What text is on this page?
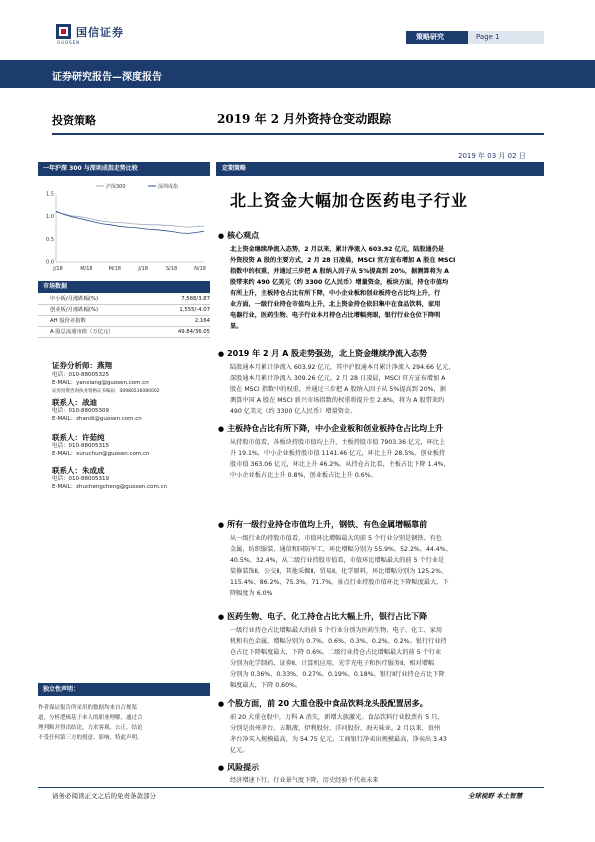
国信证券
GUOSEN
策略研究	Page 1
证券研究报告—深度报告
投资策略	2019 年 2 月外资持仓变动跟踪
2019 年 03 月 02 日
一年沪深 300 与深圳成指走势比较
1.5
1.0
0.5
0.0
J/18	M/18	M/18	J/18	S/18	N/18
沪深300	深圳成指
市场数据
中小板/月涨跌幅(%)	7,588/3.87
创业板/月涨跌幅(%)	1,555/-4.07
AH 股价差指数	2,164
A 股总流通市值（万亿元）	49.84/36.05
证券分析师：燕翔
电话：010-88005325
E-MAIL：yanxiang@guosen.com.cn
证券投资咨询执业资格证书编码：S0980516080002
联系人：战迪
电话：010-88005309
E-MAIL：zhandi@guosen.com.cn
联系人：许茹纯
电话：010-88005315
E-MAIL：xuruchun@guosen.com.cn
联系人：朱成成
电话：010-88005319
E-MAIL：zhuchengcheng@guosen.com.cn
独立性声明：
作者保证报告所采用的数据均来自合规渠
道，分析逻辑基于本人的职业理解，通过合
理判断并得出结论，力求客观、公正，结论
不受任何第三方的授意、影响，特此声明。
定期策略
北上资金大幅加仓医药电子行业
● 核心观点
北上资金继续净流入态势，2 月以来，累计净流入 603.92 亿元，陆股通仍是
外资投资 A 股的主要方式，2 月 28 日凌晨，MSCI 官方宣布增加 A 股在 MSCI
指数中的权重，并通过三步把 A 股纳入因子从 5%提高到 20%，据测算将为 A
股带来约 490 亿美元（约 3300 亿人民币）增量资金，板块方面，持仓市值均
有所上升，主板持仓占比有所下降，中小企业板和创业板持仓占比均上升，行
业方面，一级行业持仓市值均上升，北上资金持仓依旧集中在食品饮料，家用
电器行业，医药生物、电子行业本月持仓占比增幅亮眼，银行行业仓位下降明
显。
● 2019 年 2 月 A 股走势强劲，北上资金继续净流入态势
陆股通本月累计净流入 603.92 亿元，其中沪股通本月累计净流入 294.66 亿元，
深股通本月累计净流入 309.26 亿元。2 月 28 日凌晨，MSCI 官方宣布增加 A
股在 MSCI 指数中的权重，并通过三步把 A 股纳入因子从 5%提高到 20%，据
测算中国 A 股在 MSCI 新兴市场指数的权重将提升至 2.8%，将为 A 股带来约
490 亿美元（约 3300 亿人民币）增量资金。
● 主板持仓占比有所下降，中小企业板和创业板持仓占比均上升
从持股市值看，各板块持股市值均上升，主板持股市值 7903.36 亿元，环比上
升 19.1%，中小企业板持股市值 1141.46 亿元，环比上升 28.5%，创业板持
股市值 363.06 亿元，环比上升 46.2%。从持仓占比看，主板占比下降 1.4%，
中小企业板占比上升 0.8%，创业板占比上升 0.6%。
● 所有一级行业持仓市值均上升，钢铁、有色金属增幅靠前
从一级行业的持股市值看，市值环比增幅最大的前 5 个行业分别是钢铁、有色
金属，纺织服装，通信和国防军工，环比增幅分别为 55.9%、52.2%、44.4%、
40.5%、32.4%，从二级行业持股市值看，市值环比增幅最大的前 5 个行业是
装修装饰Ⅱ，公交Ⅱ，其他采掘Ⅱ，贸易Ⅱ，化学原料，环比增幅分别为 125.2%、
115.4%、86.2%、75.3%、71.7%，景点行业持股市值环比下降幅度最大，下
降幅度为 6.0%
● 医药生物、电子、化工持仓占比大幅上升，银行占比下降
一级行业持仓占比增幅最大的前 5 个行业分别为医药生物、电子、化工、家用
机和有色金属，增幅分别为 0.7%、0.6%、0.3%、0.2%、0.2%。银行行业持
仓占比下降幅度最大，下降 0.6%。二级行业持仓占比增幅最大的前 5 个行业
分别为化学制药，证券Ⅱ，计算机应用，光学光电子和医疗服务Ⅱ，相对增幅
分别为 0.36%、0.33%、0.27%、0.19%、0.18%。银行Ⅱ行业持仓占比下降
幅度最大，下降 0.60%。
● 个股方面，前 20 大重仓股中食品饮料龙头股配置居多。
前 20 大重仓股中，万科 A 消失，新增大族激光。食品饮料行业股票有 5 只，
分别是贵州茅台、五粮液、伊利股份、洋河股份、海天味业。2 月以来，贵州
茅台净买入规模最高，为 54.75 亿元，工商银行净卖出规模最高，净卖出 3.43
亿元。
● 风险提示
经济增速下行，行业景气度下降，历史经验不代表未来
请务必阅读正文之后的免责条款部分	全球视野 本土智慧
